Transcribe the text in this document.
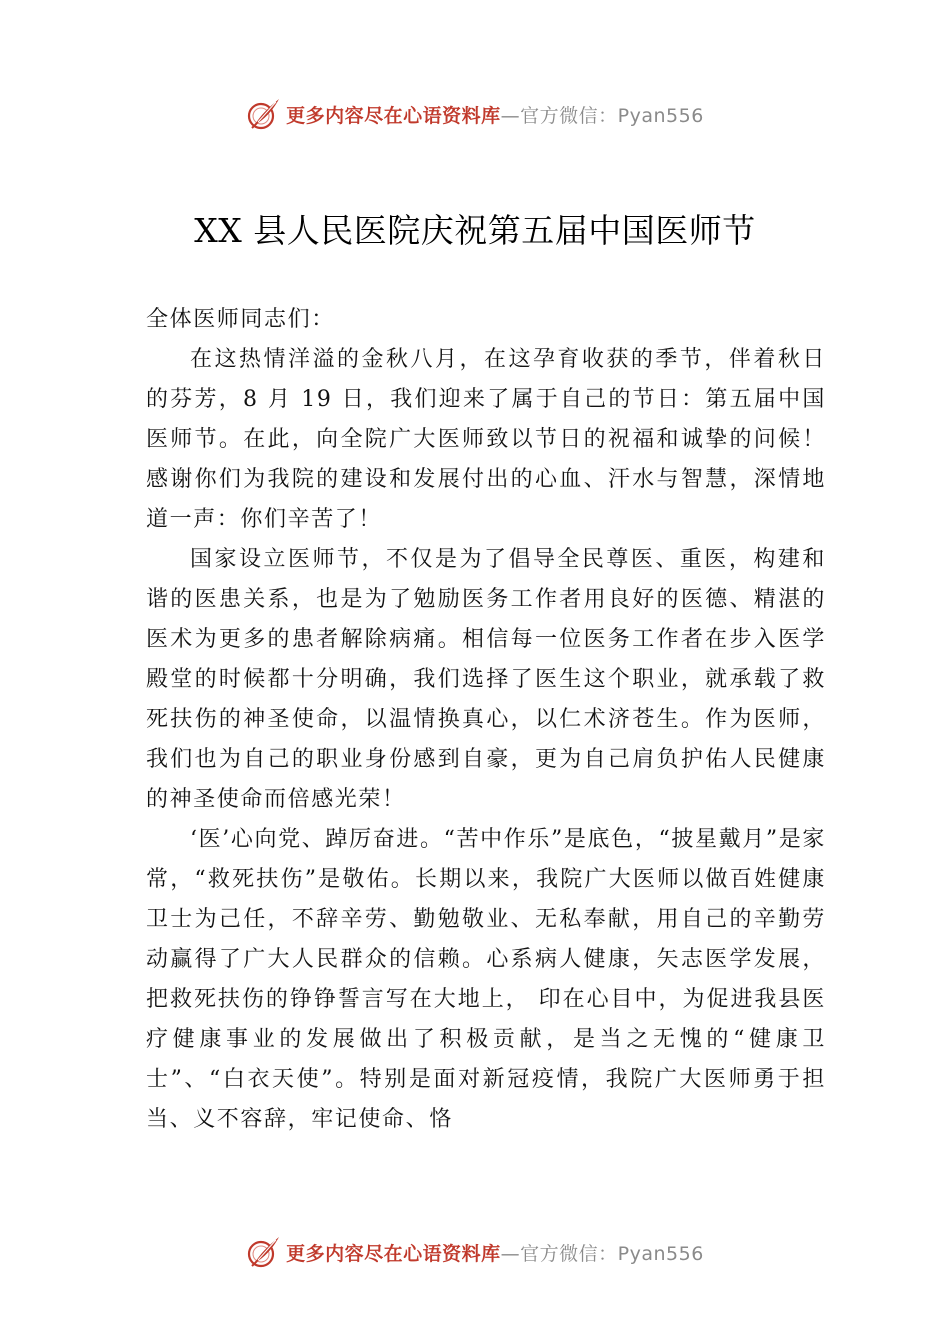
更多内容尽在心语资料库—官方微信：Pyan556
XX 县人民医院庆祝第五届中国医师节

全体医师同志们：

在这热情洋溢的金秋八月，在这孕育收获的季节，伴着秋日的芬芳，8 月 19 日，我们迎来了属于自己的节日：第五届中国医师节。在此，向全院广大医师致以节日的祝福和诚挚的问候！感谢你们为我院的建设和发展付出的心血、汗水与智慧，深情地道一声：你们辛苦了！

国家设立医师节，不仅是为了倡导全民尊医、重医，构建和谐的医患关系，也是为了勉励医务工作者用良好的医德、精湛的医术为更多的患者解除病痛。相信每一位医务工作者在步入医学殿堂的时候都十分明确，我们选择了医生这个职业，就承载了救死扶伤的神圣使命，以温情换真心，以仁术济苍生。作为医师，我们也为自己的职业身份感到自豪，更为自己肩负护佑人民健康的神圣使命而倍感光荣！

‘医’心向党、踔厉奋进。“苦中作乐”是底色，“披星戴月”是家常，“救死扶伤”是敬佑。长期以来，我院广大医师以做百姓健康卫士为己任，不辞辛劳、勤勉敬业、无私奉献，用自己的辛勤劳动赢得了广大人民群众的信赖。心系病人健康，矢志医学发展，把救死扶伤的铮铮誓言写在大地上， 印在心目中，为促进我县医疗健康事业的发展做出了积极贡献，是当之无愧的“健康卫士”、“白衣天使”。特别是面对新冠疫情，我院广大医师勇于担当、义不容辞，牢记使命、恪

更多内容尽在心语资料库—官方微信：Pyan556
